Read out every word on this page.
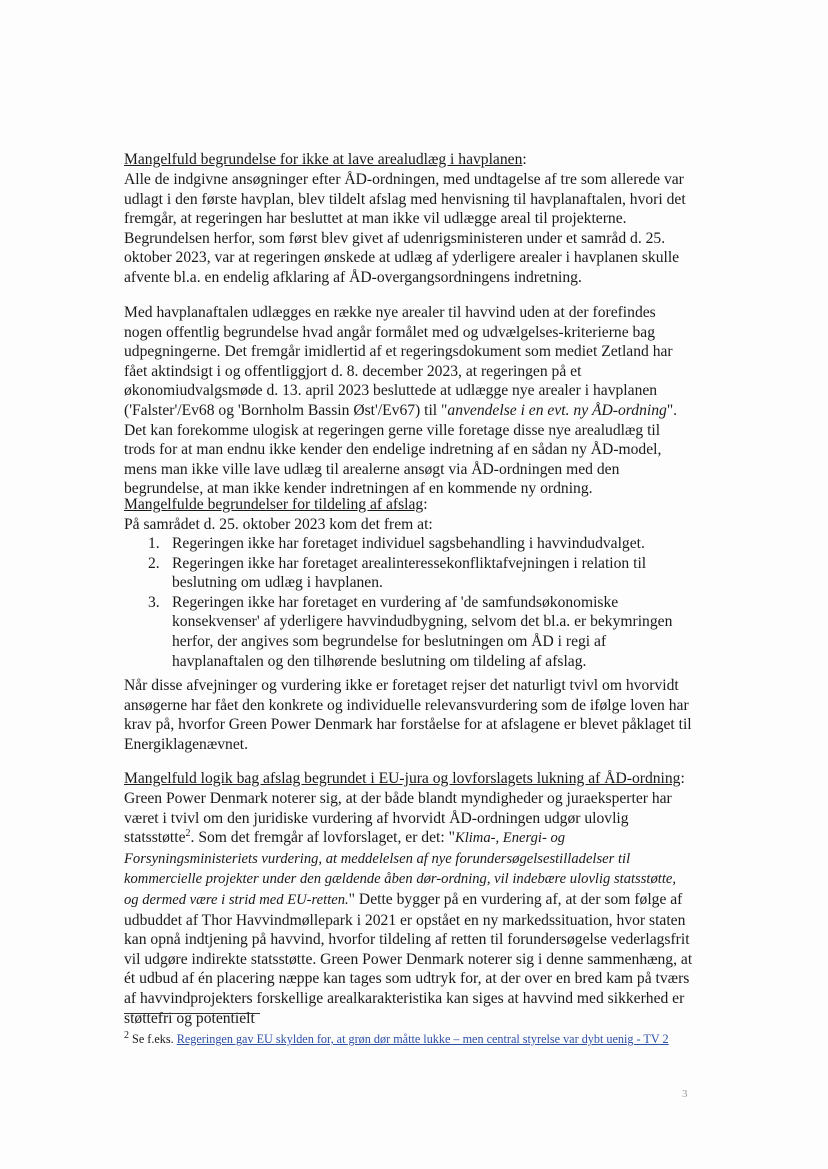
Mangelfuld begrundelse for ikke at lave arealudlæg i havplanen:

Alle de indgivne ansøgninger efter ÅD-ordningen, med undtagelse af tre som allerede var udlagt i den første havplan, blev tildelt afslag med henvisning til havplanaftalen, hvori det fremgår, at regeringen har besluttet at man ikke vil udlægge areal til projekterne. Begrundelsen herfor, som først blev givet af udenrigsministeren under et samråd d. 25. oktober 2023, var at regeringen ønskede at udlæg af yderligere arealer i havplanen skulle afvente bl.a. en endelig afklaring af ÅD-overgangsordningens indretning.

Med havplanaftalen udlægges en række nye arealer til havvind uden at der forefindes nogen offentlig begrundelse hvad angår formålet med og udvælgelses-kriterierne bag udpegningerne. Det fremgår imidlertid af et regeringsdokument som mediet Zetland har fået aktindsigt i og offentliggjort d. 8. december 2023, at regeringen på et økonomiudvalgsmøde d. 13. april 2023 besluttede at udlægge nye arealer i havplanen ('Falster'/Ev68 og 'Bornholm Bassin Øst'/Ev67) til "anvendelse i en evt. ny ÅD-ordning". Det kan forekomme ulogisk at regeringen gerne ville foretage disse nye arealudlæg til trods for at man endnu ikke kender den endelige indretning af en sådan ny ÅD-model, mens man ikke ville lave udlæg til arealerne ansøgt via ÅD-ordningen med den begrundelse, at man ikke kender indretningen af en kommende ny ordning.

Mangelfulde begrundelser for tildeling af afslag:

På samrådet d. 25. oktober 2023 kom det frem at:

1. Regeringen ikke har foretaget individuel sagsbehandling i havvindudvalget.
2. Regeringen ikke har foretaget arealinteressekonfliktafvejningen i relation til beslutning om udlæg i havplanen.
3. Regeringen ikke har foretaget en vurdering af 'de samfundsøkonomiske konsekvenser' af yderligere havvindudbygning, selvom det bl.a. er bekymringen herfor, der angives som begrundelse for beslutningen om ÅD i regi af havplanaftalen og den tilhørende beslutning om tildeling af afslag.

Når disse afvejninger og vurdering ikke er foretaget rejser det naturligt tvivl om hvorvidt ansøgerne har fået den konkrete og individuelle relevansvurdering som de ifølge loven har krav på, hvorfor Green Power Denmark har forståelse for at afslagene er blevet påklaget til Energiklagenævnet.

Mangelfuld logik bag afslag begrundet i EU-jura og lovforslagets lukning af ÅD-ordning:

Green Power Denmark noterer sig, at der både blandt myndigheder og juraeksperter har været i tvivl om den juridiske vurdering af hvorvidt ÅD-ordningen udgør ulovlig statsstøtte$^2$. Som det fremgår af lovforslaget, er det: "Klima-, Energi- og Forsyningsministeriets vurdering, at meddelelsen af nye forundersøgelsestilladelser til kommercielle projekter under den gældende åben dør-ordning, vil indebære ulovlig statsstøtte, og dermed være i strid med EU-retten." Dette bygger på en vurdering af, at der som følge af udbuddet af Thor Havvindmøllepark i 2021 er opstået en ny markedssituation, hvor staten kan opnå indtjening på havvind, hvorfor tildeling af retten til forundersøgelse vederlagsfrit vil udgøre indirekte statsstøtte. Green Power Denmark noterer sig i denne sammenhæng, at ét udbud af én placering næppe kan tages som udtryk for, at der over en bred kam på tværs af havvindprojekters forskellige arealkarakteristika kan siges at havvind med sikkerhed er støttefri og potentielt

$^2$ Se f.eks. Regeringen gav EU skylden for, at grøn dør måtte lukke – men central styrelse var dybt uenig - TV 2

3
